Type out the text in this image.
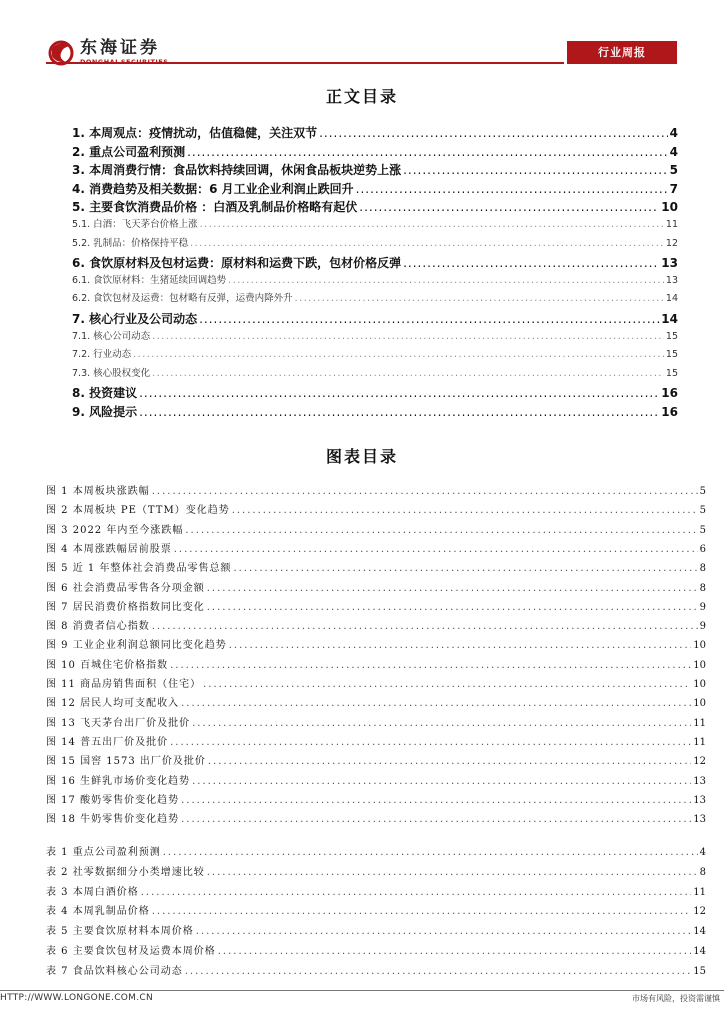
东海证券	行业周报
正文目录
1. 本周观点：疫情扰动，估值稳健，关注双节 .....	4
2. 重点公司盈利预测 .....	4
3. 本周消费行情：食品饮料持续回调，休闲食品板块逆势上涨 .....	5
4. 消费趋势及相关数据：6 月工业企业利润止跌回升 .....	7
5. 主要食饮消费品价格 ：白酒及乳制品价格略有起伏 .....	10
5.1. 白酒：飞天茅台价格上涨 .....	11
5.2. 乳制品：价格保持平稳 .....	12
6. 食饮原材料及包材运费：原材料和运费下跌，包材价格反弹 .....	13
6.1. 食饮原材料：生猪延续回调趋势 .....	13
6.2. 食饮包材及运费：包材略有反弹，运费内降外升 .....	14
7. 核心行业及公司动态 .....	14
7.1. 核心公司动态 .....	15
7.2. 行业动态 .....	15
7.3. 核心股权变化 .....	15
8. 投资建议 .....	16
9. 风险提示 .....	16
图表目录
图 1 本周板块涨跌幅 .....	5
图 2 本周板块 PE（TTM）变化趋势 .....	5
图 3 2022 年内至今涨跌幅 .....	5
图 4 本周涨跌幅居前股票 .....	6
图 5 近 1 年整体社会消费品零售总额 .....	8
图 6 社会消费品零售各分项金额 .....	8
图 7 居民消费价格指数同比变化 .....	9
图 8 消费者信心指数 .....	9
图 9 工业企业利润总额同比变化趋势 .....	10
图 10 百城住宅价格指数 .....	10
图 11 商品房销售面积（住宅） .....	10
图 12 居民人均可支配收入 .....	10
图 13 飞天茅台出厂价及批价 .....	11
图 14 普五出厂价及批价 .....	11
图 15 国窖 1573 出厂价及批价 .....	12
图 16 生鲜乳市场价变化趋势 .....	13
图 17 酸奶零售价变化趋势 .....	13
图 18 牛奶零售价变化趋势 .....	13
表 1 重点公司盈利预测 .....	4
表 2 社零数据细分小类增速比较 .....	8
表 3 本周白酒价格 .....	11
表 4 本周乳制品价格 .....	12
表 5 主要食饮原材料本周价格 .....	14
表 6 主要食饮包材及运费本周价格 .....	14
表 7 食品饮料核心公司动态 .....	15
HTTP://WWW.LONGONE.COM.CN	市场有风险，投资需谨慎
